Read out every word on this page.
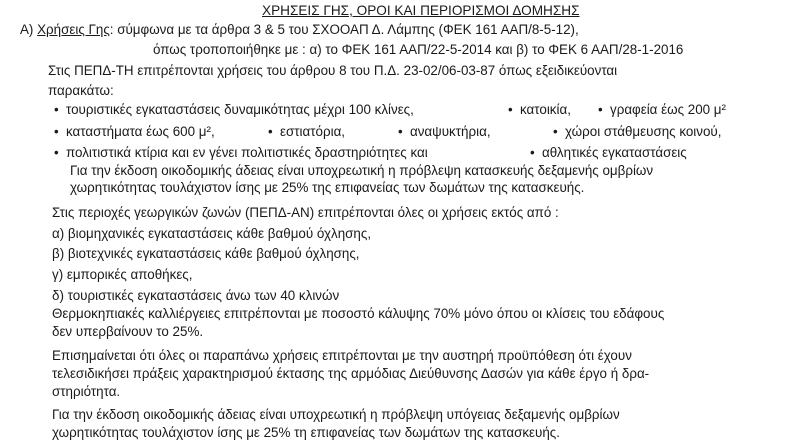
ΧΡΗΣΕΙΣ ΓΗΣ, ΟΡΟΙ ΚΑΙ ΠΕΡΙΟΡΙΣΜΟΙ ΔΟΜΗΣΗΣ
Α) Χρήσεις Γης: σύμφωνα με τα άρθρα 3 & 5 του ΣΧΟΟΑΠ Δ. Λάμπης (ΦΕΚ 161 ΑΑΠ/8-5-12),
όπως τροποποιήθηκε με : α) το ΦΕΚ 161 ΑΑΠ/22-5-2014 και β) το ΦΕΚ 6 ΑΑΠ/28-1-2016
Στις ΠΕΠΔ-ΤΗ επιτρέπονται χρήσεις του άρθρου 8 του Π.Δ. 23-02/06-03-87 όπως εξειδικεύονται
παρακάτω:
• τουριστικές εγκαταστάσεις δυναμικότητας μέχρι 100 κλίνες,	• κατοικία, • γραφεία έως 200 μ²
• καταστήματα έως 600 μ²,	• εστιατόρια,	• αναψυκτήρια,	• χώροι στάθμευσης κοινού,
• πολιτιστικά κτίρια και εν γένει πολιτιστικές δραστηριότητες και	• αθλητικές εγκαταστάσεις
Για την έκδοση οικοδομικής άδειας είναι υποχρεωτική η πρόβλεψη κατασκευής δεξαμενής ομβρίων
χωρητικότητας τουλάχιστον ίσης με 25% της επιφανείας των δωμάτων της κατασκευής.
Στις περιοχές γεωργικών ζωνών (ΠΕΠΔ-ΑΝ) επιτρέπονται όλες οι χρήσεις εκτός από :
α) βιομηχανικές εγκαταστάσεις κάθε βαθμού όχλησης,
β) βιοτεχνικές εγκαταστάσεις κάθε βαθμού όχλησης,
γ) εμπορικές αποθήκες,
δ) τουριστικές εγκαταστάσεις άνω των 40 κλινών
Θερμοκηπιακές καλλιέργειες επιτρέπονται με ποσοστό κάλυψης 70% μόνο όπου οι κλίσεις του εδάφους
δεν υπερβαίνουν το 25%.
Επισημαίνεται ότι όλες οι παραπάνω χρήσεις επιτρέπονται με την αυστηρή προϋπόθεση ότι έχουν
τελεσιδικήσει πράξεις χαρακτηρισμού έκτασης της αρμόδιας Διεύθυνσης Δασών για κάθε έργο ή δρα-
στηριότητα.
Για την έκδοση οικοδομικής άδειας είναι υποχρεωτική η πρόβλεψη υπόγειας δεξαμενής ομβρίων
χωρητικότητας τουλάχιστον ίσης με 25% τη επιφανείας των δωμάτων της κατασκευής.
